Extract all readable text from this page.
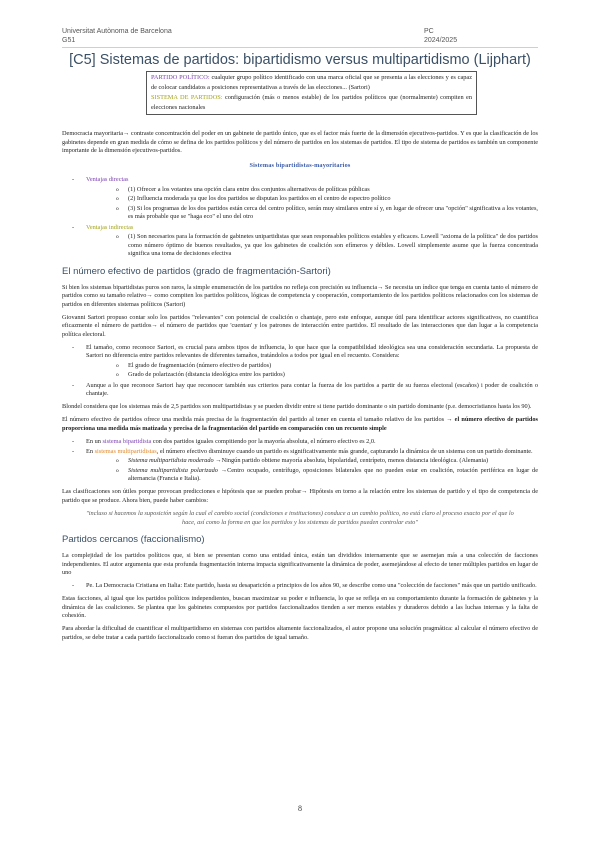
Universitat Autònoma de Barcelona
G51
PC
2024/2025
[C5] Sistemas de partidos: bipartidismo versus multipartidismo (Lijphart)

PARTIDO POLÍTICO: cualquier grupo político identificado con una marca oficial que se presenta a las elecciones y es capaz de colocar candidatos a posiciones representativas a través de las elecciones... (Sartori)

SISTEMA DE PARTIDOS: configuración (más o menos estable) de los partidos políticos que (normalmente) compiten en elecciones nacionales

Democracia mayoritaria→ contraste concentración del poder en un gabinete de partido único, que es el factor más fuerte de la dimensión ejecutivos-partidos. Y es que la clasificación de los gabinetes depende en gran medida de cómo se defina de los partidos políticos y del número de partidos en los sistemas de partidos. El tipo de sistema de partidos es también un componente importante de la dimensión ejecutivos-partidos.

Sistemas bipartidistas-mayoritarios
- Ventajas directas
o (1) Ofrecer a los votantes una opción clara entre dos conjuntos alternativos de políticas públicas
o (2) Influencia moderada ya que los dos partidos se disputan los partidos en el centro de espectro político
o (3) Si los programas de los dos partidos están cerca del centro político, serán muy similares entre sí y, en lugar de ofrecer una "opción" significativa a los votantes, es más probable que se "haga eco" el uno del otro
- Ventajas indirectas
o (1) Son necesarios para la formación de gabinetes unipartidistas que sean responsables políticos estables y eficaces. Lowell "axioma de la política" de dos partidos como número óptimo de buenos resultados, ya que los gabinetes de coalición son efímeros y débiles. Lowell simplemente asume que la fuerza concentrada significa una toma de decisiones efectiva
El número efectivo de partidos (grado de fragmentación-Sartori)

Si bien los sistemas bipartidistas puros son raros, la simple enumeración de los partidos no refleja con precisión su influencia→ Se necesita un índice que tenga en cuenta tanto el número de partidos como su tamaño relativo→ como compiten los partidos políticos, lógicas de competencia y cooperación, comportamiento de los partidos políticos relacionados con los sistemas de partidos en diferentes sistemas políticos (Sartori)

Giovanni Sartori propuso contar solo los partidos "relevantes" con potencial de coalición o chantaje, pero este enfoque, aunque útil para identificar actores significativos, no cuantifica eficazmente el número de partidos→ el número de partidos que 'cuentan' y los patrones de interacción entre partidos. El resultado de las interacciones que dan lugar a la competencia política electoral.

- El tamaño, como reconoce Sartori, es crucial para ambos tipos de influencia, lo que hace que la compatibilidad ideológica sea una consideración secundaria. La propuesta de Sartori no diferencia entre partidos relevantes de diferentes tamaños, tratándolos a todos por igual en el recuento. Considera:
o El grado de fragmentación (número efectivo de partidos)
o Grado de polarización (distancia ideológica entre los partidos)
- Aunque a lo que reconoce Sartori hay que reconocer también sus criterios para contar la fuerza de los partidos a partir de su fuerza electoral (escaños) i poder de coalición o chantaje.

Blondel considera que los sistemas más de 2,5 partidos son multipartidistas y se pueden dividir entre si tiene partido dominante o sin partido dominante (p.e. democristianos hasta los 90).

El número efectivo de partidos ofrece una medida más precisa de la fragmentación del partido al tener en cuenta el tamaño relativo de los partidos → el número efectivo de partidos proporciona una medida más matizada y precisa de la fragmentación del partido en comparación con un recuento simple

- En un sistema bipartidista con dos partidos iguales compitiendo por la mayoría absoluta, el número efectivo es 2,0.
- En sistemas multipartidistas, el número efectivo disminuye cuando un partido es significativamente más grande, capturando la dinámica de un sistema con un partido dominante.
o Sistema multipartidista moderado →Ningún partido obtiene mayoría absoluta, bipolaridad, centrípeto, menos distancia ideológica. (Alemania)
o Sistema multipartidista polarizado →Centro ocupado, centrífugo, oposiciones bilaterales que no pueden estar en coalición, rotación periférica en lugar de alternancia (Francia e Italia).

Las clasificaciones son útiles porque provocan predicciones e hipótesis que se pueden probar→ Hipótesis en torno a la relación entre los sistemas de partido y el tipo de competencia de partido que se produce. Ahora bien, puede haber cambios:

"incluso si hacemos la suposición según la cual el cambio social (condiciones e instituciones) conduce a un cambio político, no está claro el proceso exacto por el que lo hace, así como la forma en que los partidos y los sistemas de partidos pueden controlar esto"
Partidos cercanos (faccionalismo)

La complejidad de los partidos políticos que, si bien se presentan como una entidad única, están tan divididos internamente que se asemejan más a una colección de facciones independientes. El autor argumenta que esta profunda fragmentación interna impacta significativamente la dinámica de poder, asemejándose al efecto de tener múltiples partidos en lugar de uno

- Pe. La Democracia Cristiana en Italia: Este partido, hasta su desaparición a principios de los años 90, se describe como una "colección de facciones" más que un partido unificado.

Estas facciones, al igual que los partidos políticos independientes, buscan maximizar su poder e influencia, lo que se refleja en su comportamiento durante la formación de gabinetes y la dinámica de las coaliciones. Se plantea que los gabinetes compuestos por partidos faccionalizados tienden a ser menos estables y duraderos debido a las luchas internas y la falta de cohesión.

Para abordar la dificultad de cuantificar el multipartidismo en sistemas con partidos altamente faccionalizados, el autor propone una solución pragmática: al calcular el número efectivo de partidos, se debe tratar a cada partido faccionalizado como si fueran dos partidos de igual tamaño.

8
